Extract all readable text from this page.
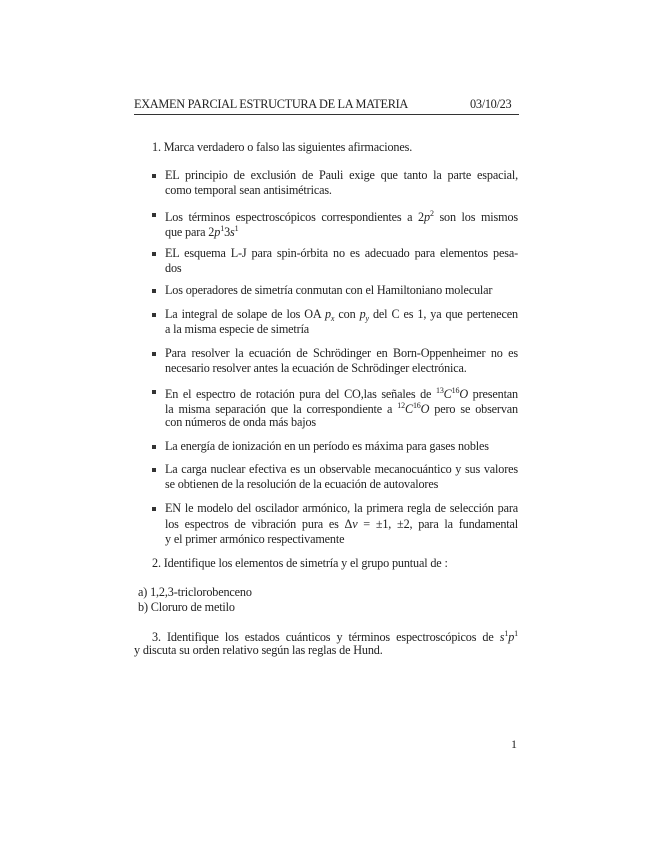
EXAMEN PARCIAL ESTRUCTURA DE LA MATERIA	03/10/23
1. Marca verdadero o falso las siguientes afirmaciones.
EL principio de exclusión de Pauli exige que tanto la parte espacial,
como temporal sean antisimétricas.
Los términos espectroscópicos correspondientes a $2p^2$ son los mismos
que para $2p^13s^1$
EL esquema L-J para spin-órbita no es adecuado para elementos pesa-
dos
Los operadores de simetría conmutan con el Hamiltoniano molecular
La integral de solape de los OA $p_x$ con $p_y$ del C es 1, ya que pertenecen
a la misma especie de simetría
Para resolver la ecuación de Schrödinger en Born-Oppenheimer no es
necesario resolver antes la ecuación de Schrödinger electrónica.
En el espectro de rotación pura del CO,las señales de $^{13}C^{16}O$ presentan
la misma separación que la correspondiente a $^{12}C^{16}O$ pero se observan
con números de onda más bajos
La energía de ionización en un período es máxima para gases nobles
La carga nuclear efectiva es un observable mecanocuántico y sus valores
se obtienen de la resolución de la ecuación de autovalores
EN le modelo del oscilador armónico, la primera regla de selección para
los espectros de vibración pura es Δν = ±1, ±2, para la fundamental
y el primer armónico respectivamente
2. Identifique los elementos de simetría y el grupo puntual de :
a) 1,2,3-triclorobenceno
b) Cloruro de metilo
3. Identifique los estados cuánticos y términos espectroscópicos de $s^1p^1$
y discuta su orden relativo según las reglas de Hund.
1
